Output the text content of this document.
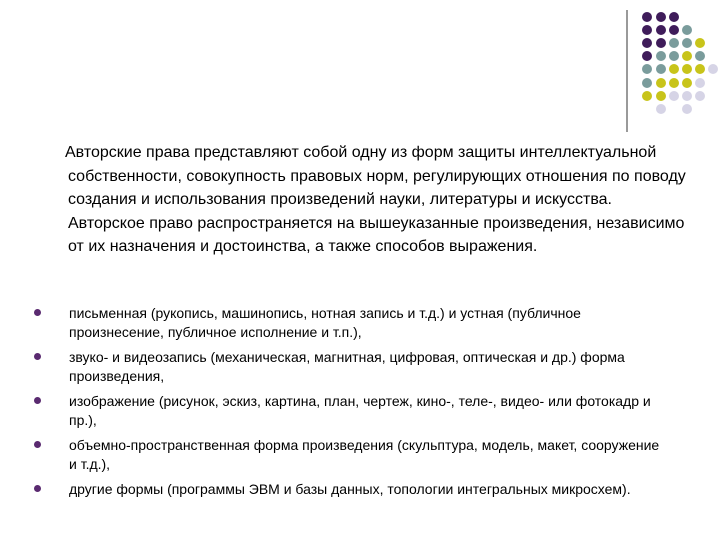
Авторские права представляют собой одну из форм защиты интеллектуальной собственности, совокупность правовых норм, регулирующих отношения по поводу создания и использования произведений науки, литературы и искусства. Авторское право распространяется на вышеуказанные произведения, независимо от их назначения и достоинства, а также способов выражения.

письменная (рукопись, машинопись, нотная запись и т.д.) и устная (публичное произнесение, публичное исполнение и т.п.),
звуко- и видеозапись (механическая, магнитная, цифровая, оптическая и др.) форма произведения,
изображение (рисунок, эскиз, картина, план, чертеж, кино-, теле-, видео- или фотокадр и пр.),
объемно-пространственная форма произведения (скульптура, модель, макет, сооружение и т.д.),
другие формы (программы ЭВМ и базы данных, топологии интегральных микросхем).
